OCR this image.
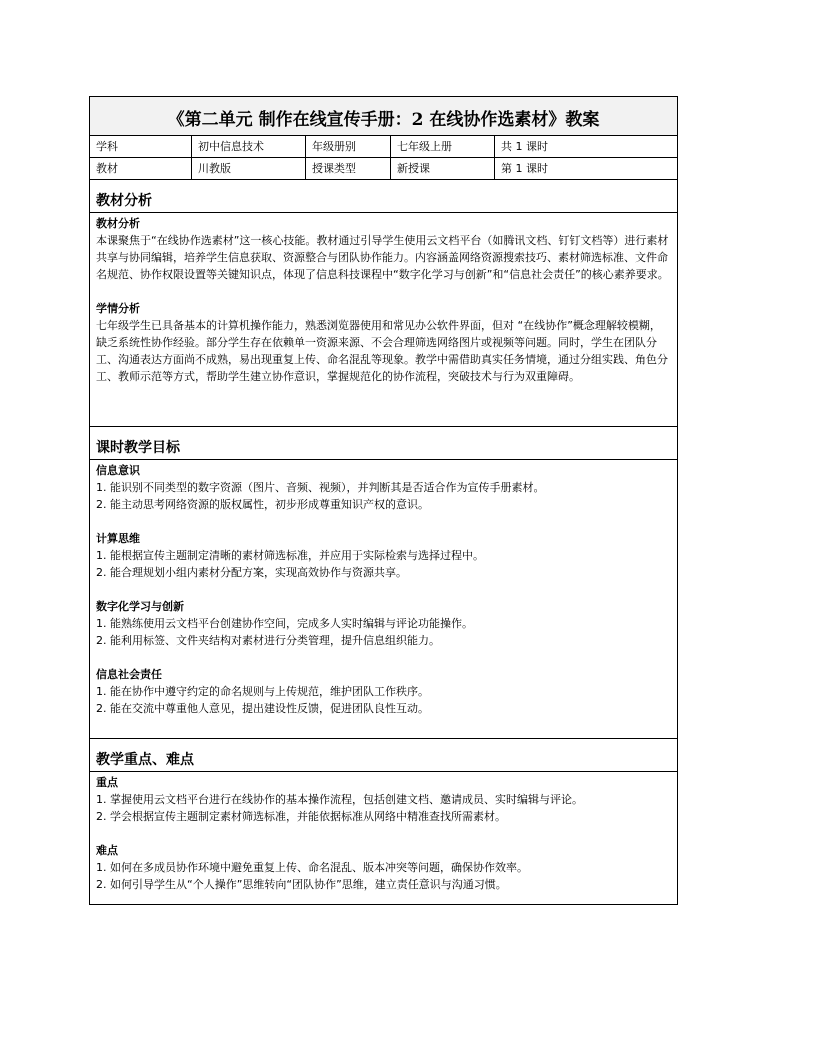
《第二单元 制作在线宣传手册：2 在线协作选素材》教案
学科	初中信息技术	年级册别	七年级上册	共 1 课时
教材	川教版	授课类型	新授课	第 1 课时
教材分析
教材分析

本课聚焦于“在线协作选素材”这一核心技能。教材通过引导学生使用云文档平台（如腾讯文档、钉钉文档等）进行素材共享与协同编辑，培养学生信息获取、资源整合与团队协作能力。内容涵盖网络资源搜索技巧、素材筛选标准、文件命名规范、协作权限设置等关键知识点，体现了信息科技课程中“数字化学习与创新”和“信息社会责任”的核心素养要求。

学情分析

七年级学生已具备基本的计算机操作能力，熟悉浏览器使用和常见办公软件界面，但对 “在线协作”概念理解较模糊，缺乏系统性协作经验。部分学生存在依赖单一资源来源、不会合理筛选网络图片或视频等问题。同时，学生在团队分工、沟通表达方面尚不成熟，易出现重复上传、命名混乱等现象。教学中需借助真实任务情境，通过分组实践、角色分工、教师示范等方式，帮助学生建立协作意识，掌握规范化的协作流程，突破技术与行为双重障碍。

课时教学目标
信息意识
1. 能识别不同类型的数字资源（图片、音频、视频），并判断其是否适合作为宣传手册素材。
2. 能主动思考网络资源的版权属性，初步形成尊重知识产权的意识。
计算思维
1. 能根据宣传主题制定清晰的素材筛选标准，并应用于实际检索与选择过程中。
2. 能合理规划小组内素材分配方案，实现高效协作与资源共享。
数字化学习与创新
1. 能熟练使用云文档平台创建协作空间，完成多人实时编辑与评论功能操作。
2. 能利用标签、文件夹结构对素材进行分类管理，提升信息组织能力。
信息社会责任
1. 能在协作中遵守约定的命名规则与上传规范，维护团队工作秩序。
2. 能在交流中尊重他人意见，提出建设性反馈，促进团队良性互动。
教学重点、难点
重点
1. 掌握使用云文档平台进行在线协作的基本操作流程，包括创建文档、邀请成员、实时编辑与评论。
2. 学会根据宣传主题制定素材筛选标准，并能依据标准从网络中精准查找所需素材。
难点
1. 如何在多成员协作环境中避免重复上传、命名混乱、版本冲突等问题，确保协作效率。
2. 如何引导学生从“个人操作”思维转向“团队协作”思维，建立责任意识与沟通习惯。
